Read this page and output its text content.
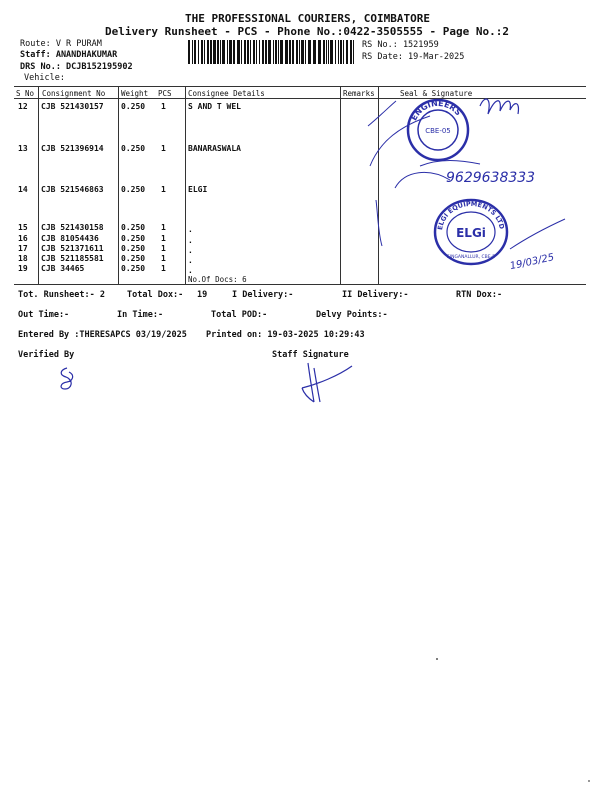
THE PROFESSIONAL COURIERS, COIMBATORE
Delivery Runsheet - PCS - Phone No.:0422-3505555 - Page No.:2
Route: V R PURAM
Staff: ANANDHAKUMAR
DRS No.: DCJB152195902
Vehicle:
RS No.: 1521959
RS Date: 19-Mar-2025
S No Consignment No Weight PCS Consignee Details	Remarks	Seal & Signature
12 CJB 521430157 0.250 1	S AND T WEL
13 CJB 521396914 0.250 1	BANARASWALA
14 CJB 521546863 0.250 1	ELGI
15 CJB 521430158 0.250 1	.
16 CJB 81054436	0.250 1	.
17 CJB 521371611 0.250 1	.
18 CJB 521185581 0.250 1	.
19 CJB 34465	0.250 1	.
No.Of Docs: 6
Tot. Runsheet:- 2	Total Dox:- 19	I Delivery:-	II Delivery:-	RTN Dox:-
Out Time:-	In Time:-	Total POD:-	Delvy Points:-
Entered By :THERESAPCS 03/19/2025 Printed on: 19-03-2025 10:29:43
Verified By	Staff Signature
ENGINEERS
CBE-05
9629638333
ELGI EQUIPMENTS LTD
ELGi
SINGANALLUR, CBE-5 19/03/25
